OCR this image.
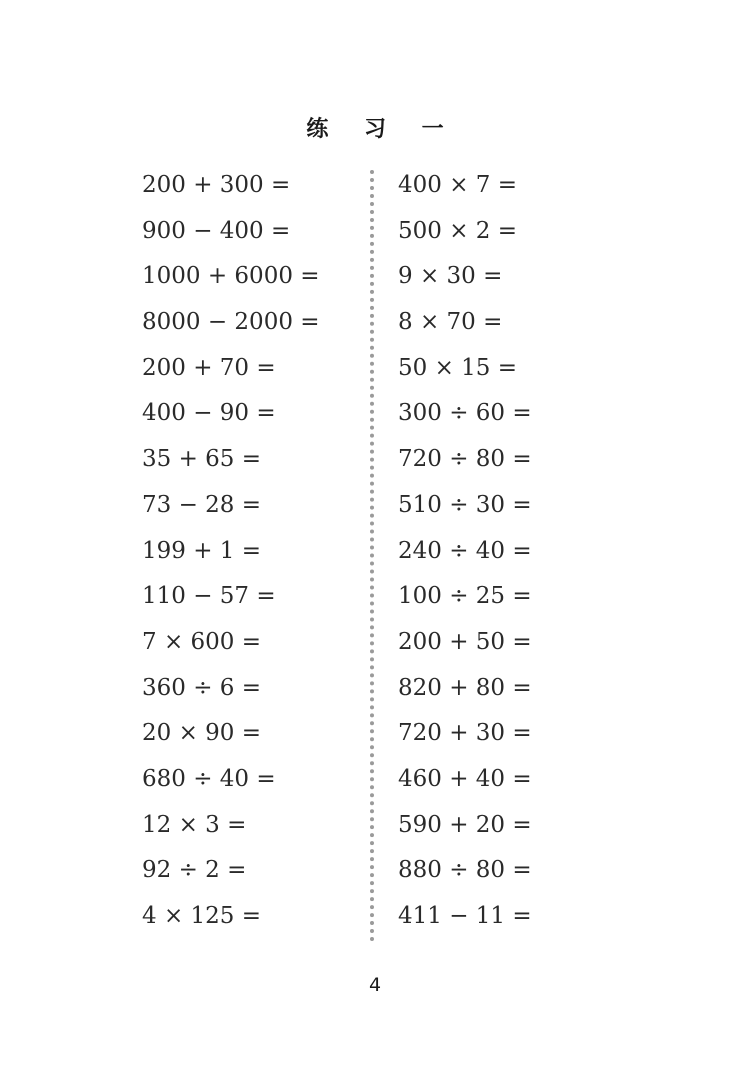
练 习 一
200 + 300 =
900 − 400 =
1000 + 6000 =
8000 − 2000 =
200 + 70 =
400 − 90 =
35 + 65 =
73 − 28 =
199 + 1 =
110 − 57 =
7 × 600 =
360 ÷ 6 =
20 × 90 =
680 ÷ 40 =
12 × 3 =
92 ÷ 2 =
4 × 125 =
400 × 7 =
500 × 2 =
9 × 30 =
8 × 70 =
50 × 15 =
300 ÷ 60 =
720 ÷ 80 =
510 ÷ 30 =
240 ÷ 40 =
100 ÷ 25 =
200 + 50 =
820 + 80 =
720 + 30 =
460 + 40 =
590 + 20 =
880 ÷ 80 =
411 − 11 =
4
